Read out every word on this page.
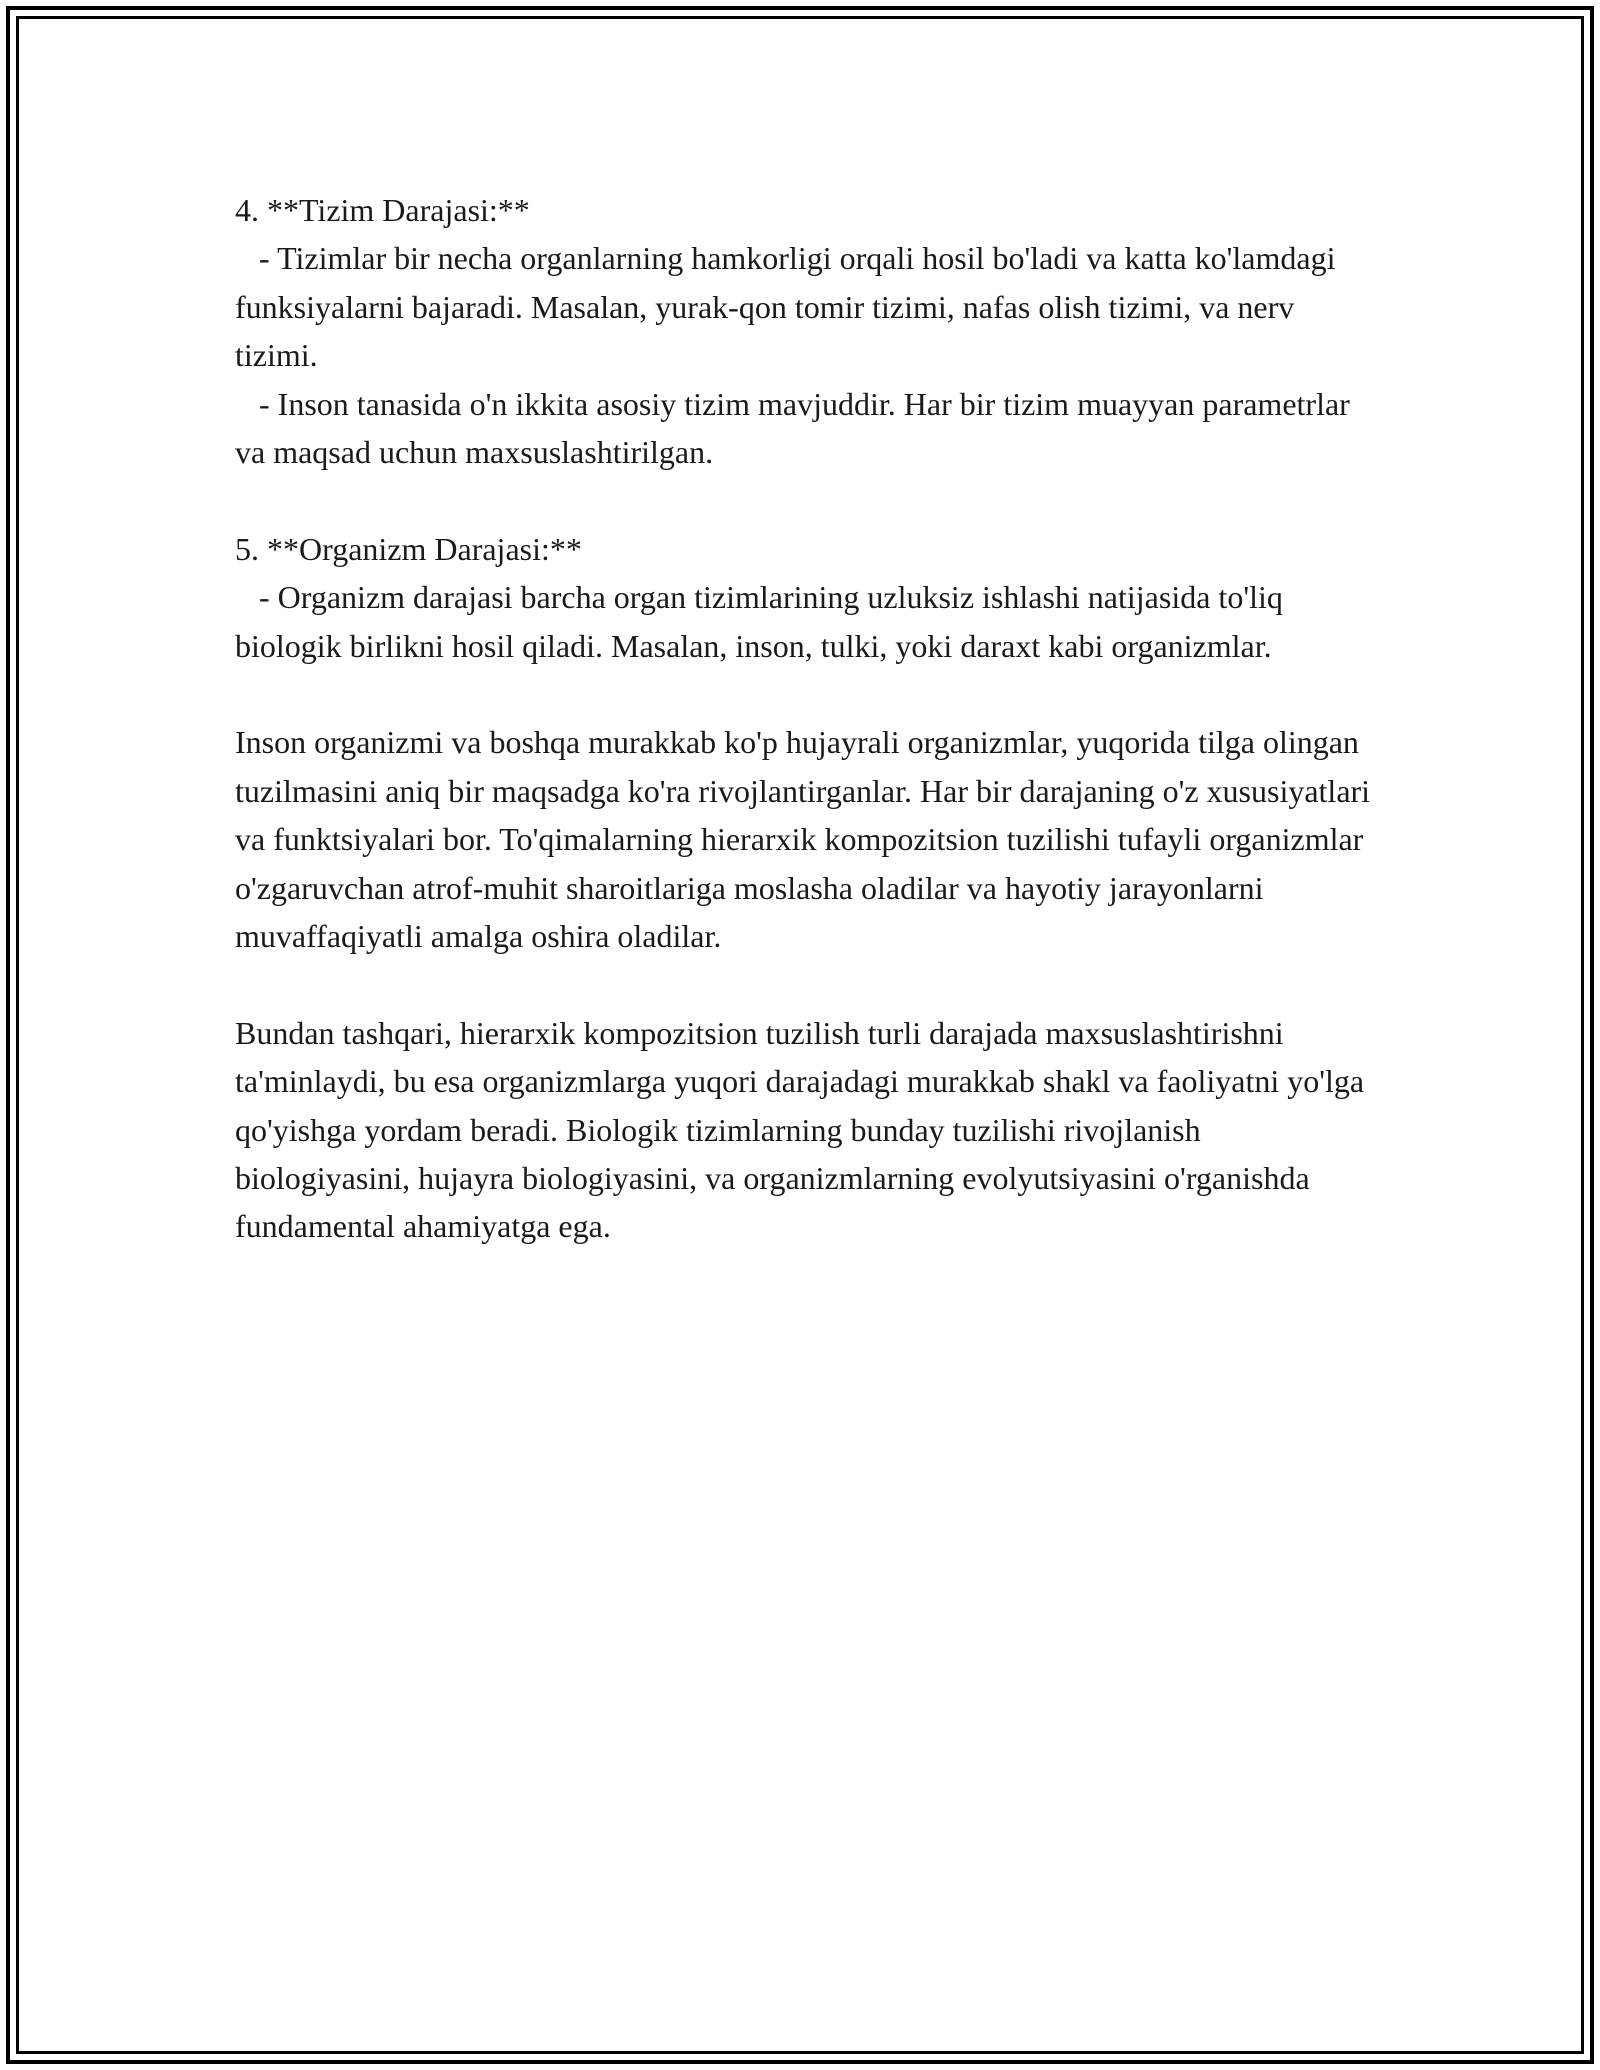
4. **Tizim Darajasi:**

- Tizimlar bir necha organlarning hamkorligi orqali hosil bo'ladi va katta ko'lamdagi funksiyalarni bajaradi. Masalan, yurak-qon tomir tizimi, nafas olish tizimi, va nerv tizimi.

- Inson tanasida o'n ikkita asosiy tizim mavjuddir. Har bir tizim muayyan parametrlar va maqsad uchun maxsuslashtirilgan.

5. **Organizm Darajasi:**

- Organizm darajasi barcha organ tizimlarining uzluksiz ishlashi natijasida to'liq biologik birlikni hosil qiladi. Masalan, inson, tulki, yoki daraxt kabi organizmlar.

Inson organizmi va boshqa murakkab ko'p hujayrali organizmlar, yuqorida tilga olingan tuzilmasini aniq bir maqsadga ko'ra rivojlantirganlar. Har bir darajaning o'z xususiyatlari va funktsiyalari bor. To'qimalarning hierarxik kompozitsion tuzilishi tufayli organizmlar o'zgaruvchan atrof-muhit sharoitlariga moslasha oladilar va hayotiy jarayonlarni muvaffaqiyatli amalga oshira oladilar.

Bundan tashqari, hierarxik kompozitsion tuzilish turli darajada maxsuslashtirishni ta'minlaydi, bu esa organizmlarga yuqori darajadagi murakkab shakl va faoliyatni yo'lga qo'yishga yordam beradi. Biologik tizimlarning bunday tuzilishi rivojlanish biologiyasini, hujayra biologiyasini, va organizmlarning evolyutsiyasini o'rganishda fundamental ahamiyatga ega.
